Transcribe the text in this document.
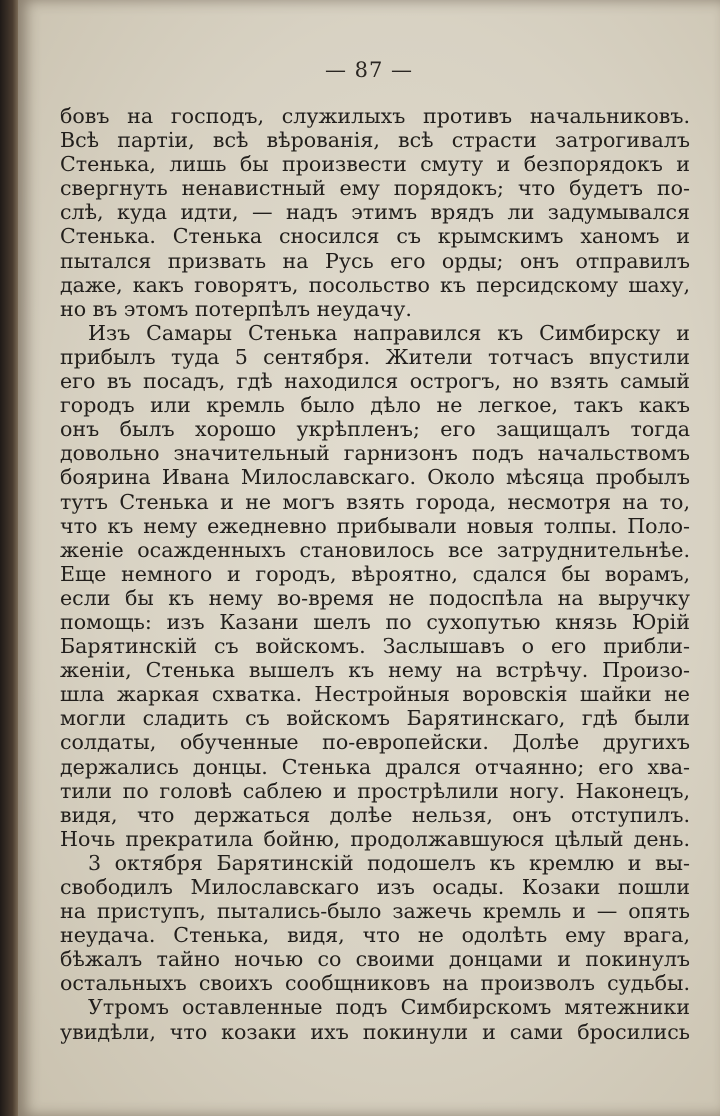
— 87 —
бовъ на господъ, служилыхъ противъ начальниковъ.
Всѣ партіи, всѣ вѣрованія, всѣ страсти затрогивалъ
Стенька, лишь бы произвести смуту и безпорядокъ и
свергнуть ненавистный ему порядокъ; что будетъ по-
слѣ, куда идти, — надъ этимъ врядъ ли задумывался
Стенька. Стенька сносился съ крымскимъ ханомъ и
пытался призвать на Русь его орды; онъ отправилъ
даже, какъ говорятъ, посольство къ персидскому шаху,
но въ этомъ потерпѣлъ неудачу.
Изъ Самары Стенька направился къ Симбирску и
прибылъ туда 5 сентября. Жители тотчасъ впустили
его въ посадъ, гдѣ находился острогъ, но взять самый
городъ или кремль было дѣло не легкое, такъ какъ
онъ былъ хорошо укрѣпленъ; его защищалъ тогда
довольно значительный гарнизонъ подъ начальствомъ
боярина Ивана Милославскаго. Около мѣсяца пробылъ
тутъ Стенька и не могъ взять города, несмотря на то,
что къ нему ежедневно прибывали новыя толпы. Поло-
женіе осажденныхъ становилось все затруднительнѣе.
Еще немного и городъ, вѣроятно, сдался бы ворамъ,
если бы къ нему во-время не подоспѣла на выручку
помощь: изъ Казани шелъ по сухопутью князь Юрій
Барятинскій съ войскомъ. Заслышавъ о его прибли-
женіи, Стенька вышелъ къ нему на встрѣчу. Произо-
шла жаркая схватка. Нестройныя воровскія шайки не
могли сладить съ войскомъ Барятинскаго, гдѣ были
солдаты, обученные по-европейски. Долѣе другихъ
держались донцы. Стенька дрался отчаянно; его хва-
тили по головѣ саблею и прострѣлили ногу. Наконецъ,
видя, что держаться долѣе нельзя, онъ отступилъ.
Ночь прекратила бойню, продолжавшуюся цѣлый день.
3 октября Барятинскій подошелъ къ кремлю и вы-
свободилъ Милославскаго изъ осады. Козаки пошли
на приступъ, пытались-было зажечь кремль и — опять
неудача. Стенька, видя, что не одолѣть ему врага,
бѣжалъ тайно ночью со своими донцами и покинулъ
остальныхъ своихъ сообщниковъ на произволъ судьбы.
Утромъ оставленные подъ Симбирскомъ мятежники
увидѣли, что козаки ихъ покинули и сами бросились
